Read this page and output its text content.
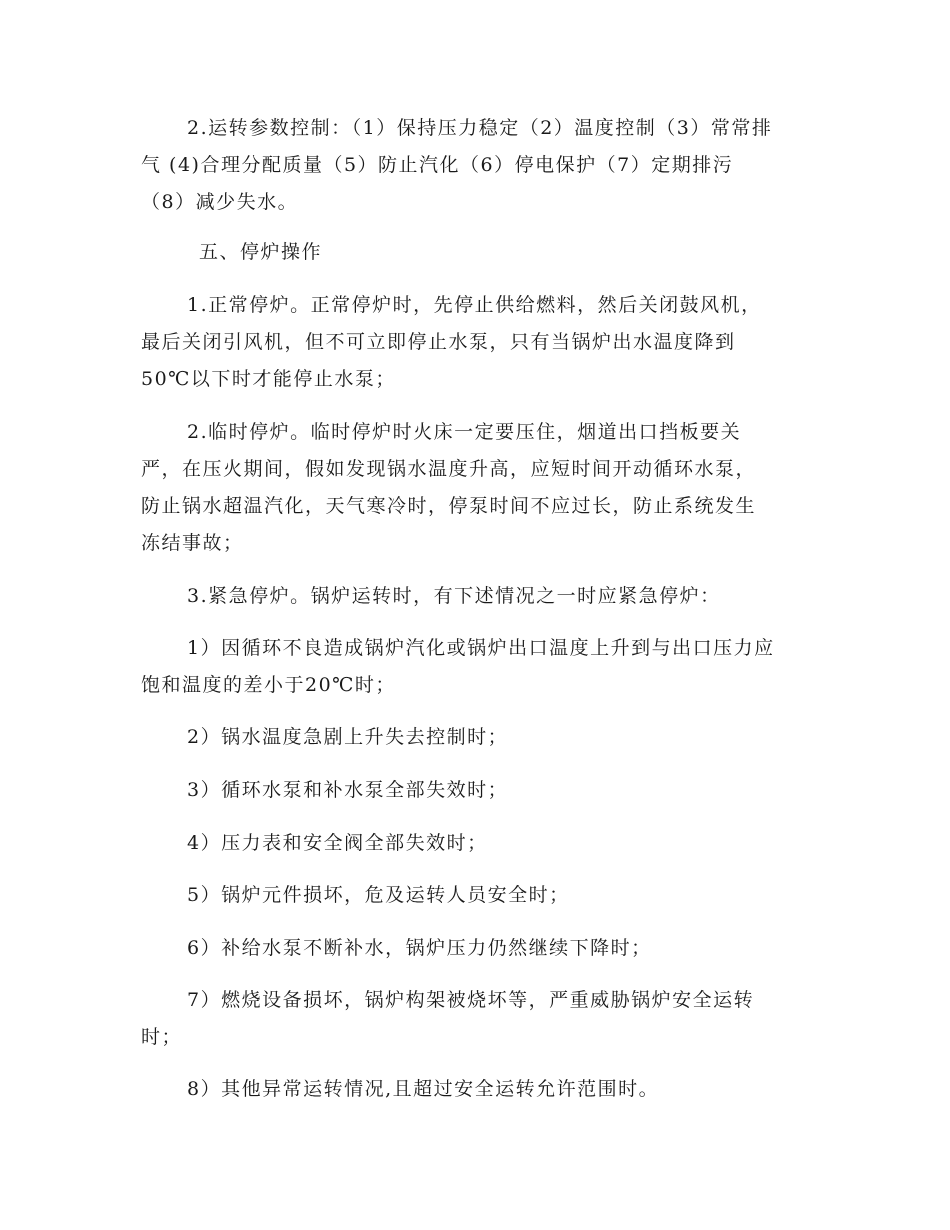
2.运转参数控制：（1）保持压力稳定（2）温度控制（3）常常排
气 (4)合理分配质量（5）防止汽化（6）停电保护（7）定期排污
（8）减少失水。

五、停炉操作

1.正常停炉。正常停炉时，先停止供给燃料，然后关闭鼓风机，
最后关闭引风机，但不可立即停止水泵，只有当锅炉出水温度降到
50℃以下时才能停止水泵；

2.临时停炉。临时停炉时火床一定要压住，烟道出口挡板要关
严，在压火期间，假如发现锅水温度升高，应短时间开动循环水泵，
防止锅水超温汽化，天气寒冷时，停泵时间不应过长，防止系统发生
冻结事故；

3.紧急停炉。锅炉运转时，有下述情况之一时应紧急停炉：

1）因循环不良造成锅炉汽化或锅炉出口温度上升到与出口压力应
饱和温度的差小于20℃时；

2）锅水温度急剧上升失去控制时；

3）循环水泵和补水泵全部失效时；

4）压力表和安全阀全部失效时；

5）锅炉元件损坏，危及运转人员安全时；

6）补给水泵不断补水，锅炉压力仍然继续下降时；

7）燃烧设备损坏，锅炉构架被烧坏等，严重威胁锅炉安全运转
时；

8）其他异常运转情况,且超过安全运转允许范围时。
